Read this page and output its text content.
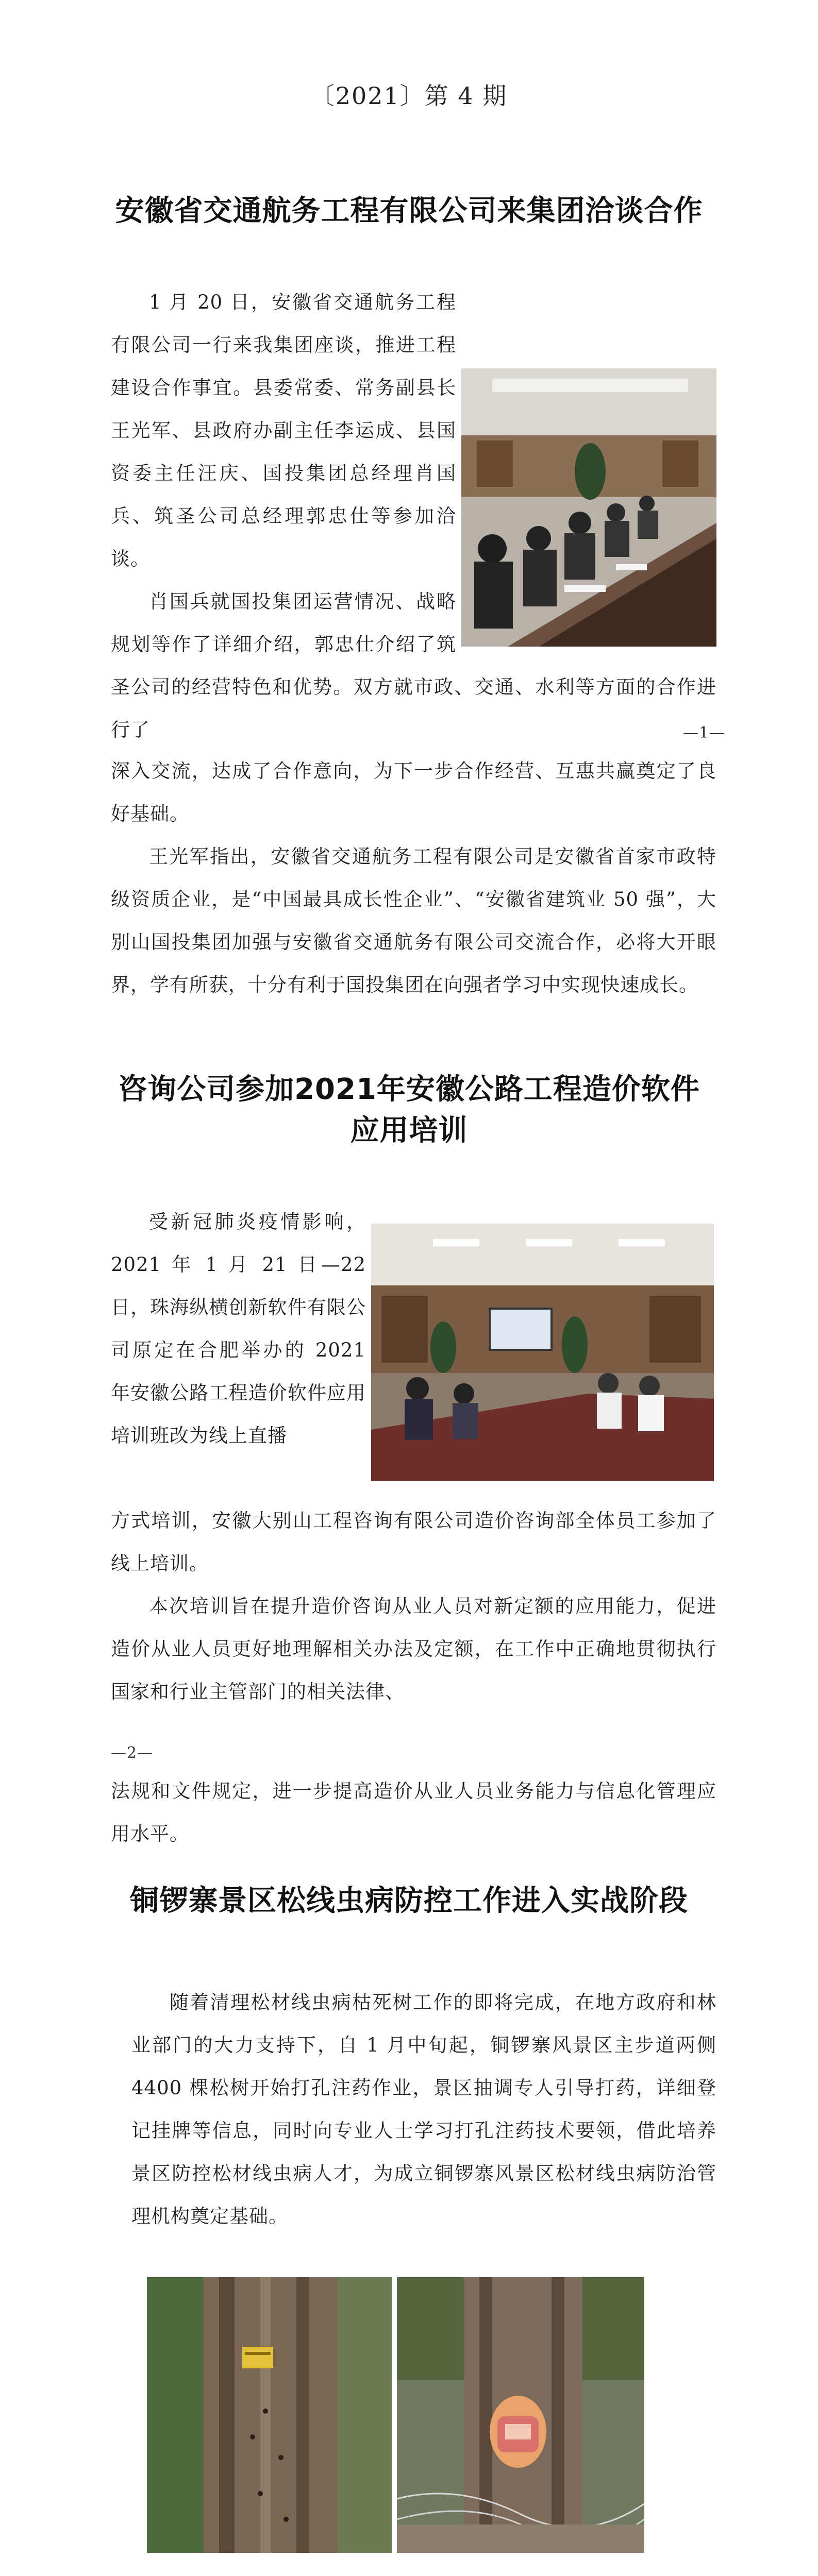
〔2021〕第 4 期
安徽省交通航务工程有限公司来集团洽谈合作

1 月 20 日，安徽省交通航务工程有限公司一行来我集团座谈，推进工程建设合作事宜。县委常委、常务副县长王光军、县政府办副主任李运成、县国资委主任汪庆、国投集团总经理肖国兵、筑圣公司总经理郭忠仕等参加洽谈。

肖国兵就国投集团运营情况、战略规划等作了详细介绍，郭忠仕介绍了筑圣公司的经营特色和优势。双方就市政、交通、水利等方面的合作进行了	—1—

深入交流，达成了合作意向，为下一步合作经营、互惠共赢奠定了良好基础。

王光军指出，安徽省交通航务工程有限公司是安徽省首家市政特级资质企业，是“中国最具成长性企业”、“安徽省建筑业 50 强”，大别山国投集团加强与安徽省交通航务有限公司交流合作，必将大开眼界，学有所获，十分有利于国投集团在向强者学习中实现快速成长。

咨询公司参加2021年安徽公路工程造价软件
应用培训

受新冠肺炎疫情影响，2021 年 1 月 21 日—22 日，珠海纵横创新软件有限公司原定在合肥举办的 2021 年安徽公路工程造价软件应用培训班改为线上直播

方式培训，安徽大别山工程咨询有限公司造价咨询部全体员工参加了线上培训。

本次培训旨在提升造价咨询从业人员对新定额的应用能力，促进造价从业人员更好地理解相关办法及定额，在工作中正确地贯彻执行国家和行业主管部门的相关法律、

—2—

法规和文件规定，进一步提高造价从业人员业务能力与信息化管理应用水平。

铜锣寨景区松线虫病防控工作进入实战阶段

随着清理松材线虫病枯死树工作的即将完成，在地方政府和林业部门的大力支持下，自 1 月中旬起，铜锣寨风景区主步道两侧 4400 棵松树开始打孔注药作业，景区抽调专人引导打药，详细登记挂牌等信息，同时向专业人士学习打孔注药技术要领，借此培养景区防控松材线虫病人才，为成立铜锣寨风景区松材线虫病防治管理机构奠定基础。
